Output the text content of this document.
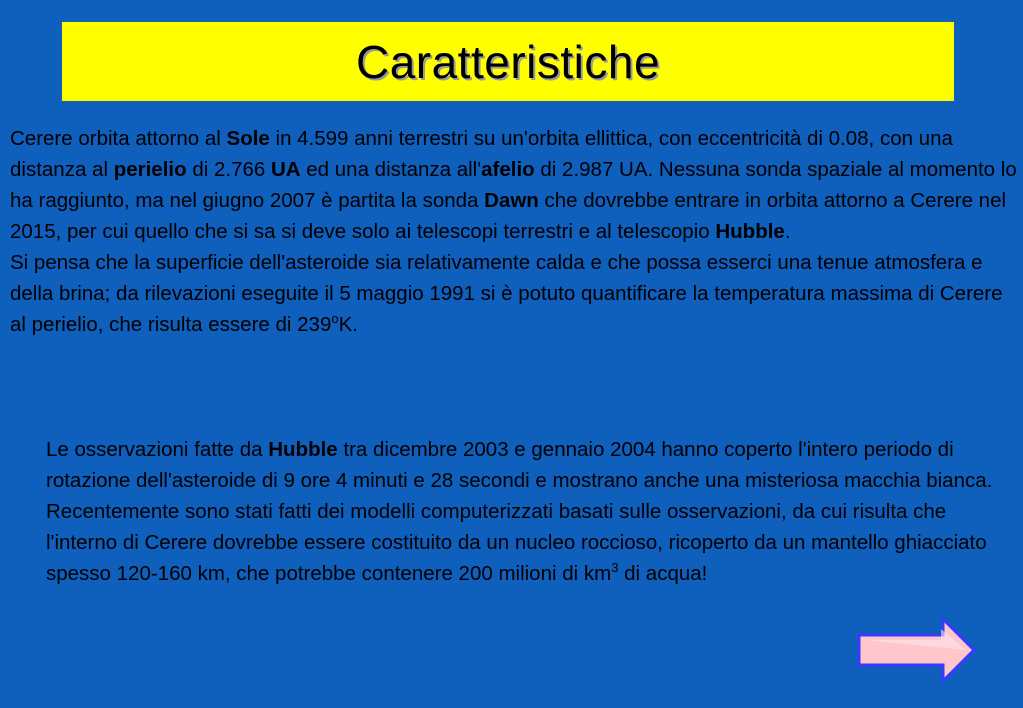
Caratteristiche

Cerere orbita attorno al Sole in 4.599 anni terrestri su un'orbita ellittica, con eccentricità di 0.08, con una distanza al perielio di 2.766 UA ed una distanza all'afelio di 2.987 UA. Nessuna sonda spaziale al momento lo ha raggiunto, ma nel giugno 2007 è partita la sonda Dawn che dovrebbe entrare in orbita attorno a Cerere nel 2015, per cui quello che si sa si deve solo ai telescopi terrestri e al telescopio Hubble.
Si pensa che la superficie dell'asteroide sia relativamente calda e che possa esserci una tenue atmosfera e della brina; da rilevazioni eseguite il 5 maggio 1991 si è potuto quantificare la temperatura massima di Cerere al perielio, che risulta essere di 239$^o$K.

Le osservazioni fatte da Hubble tra dicembre 2003 e gennaio 2004 hanno coperto l'intero periodo di rotazione dell'asteroide di 9 ore 4 minuti e 28 secondi e mostrano anche una misteriosa macchia bianca.
Recentemente sono stati fatti dei modelli computerizzati basati sulle osservazioni, da cui risulta che l'interno di Cerere dovrebbe essere costituito da un nucleo roccioso, ricoperto da un mantello ghiacciato spesso 120-160 km, che potrebbe contenere 200 milioni di $km^3$ di acqua!
